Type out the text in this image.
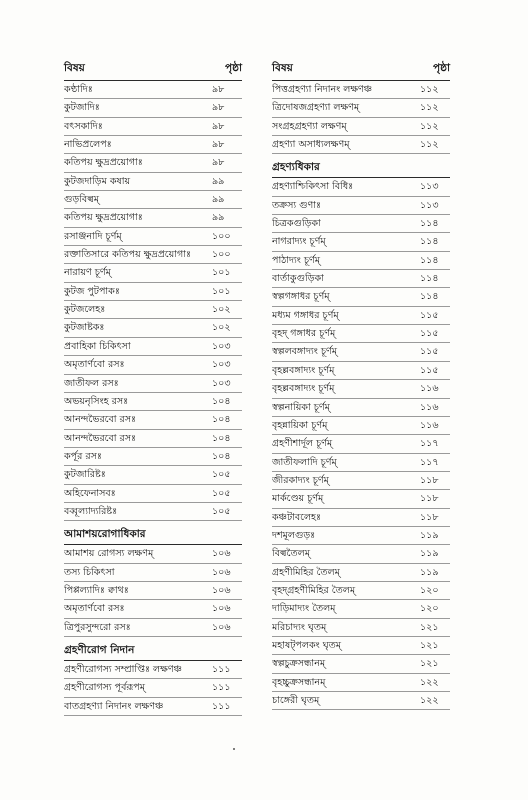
বিষয়	পৃষ্ঠা
কণ্ঠাদিঃ	৯৮
কুটজাদিঃ	৯৮
বৎসকাদিঃ	৯৮
নাভিপ্রলেপঃ	৯৮
কতিপয় ক্ষুদ্রপ্রয়োগাঃ	৯৮
কুটজদাড়িম কষায়	৯৯
গুড়বিল্বম্	৯৯
কতিপয় ক্ষুদ্রপ্রয়োগাঃ	৯৯
রসাঞ্জনাদি চূর্ণম্	১০০
রক্তাতিসারে কতিপয় ক্ষুদ্রপ্রয়োগাঃ	১০০
নারায়ণ চূর্ণম্	১০১
কুটজ পুটপাকঃ	১০১
কুটজলেহঃ	১০২
কুটজাষ্টকঃ	১০২
প্রবাহিকা চিকিৎসা	১০৩
অমৃতার্ণবো রসঃ	১০৩
জাতীফল রসঃ	১০৩
অভয়নৃসিংহ রসঃ	১০৪
আনন্দভৈরবো রসঃ	১০৪
আনন্দভৈরবো রসঃ	১০৪
কর্পূর রসঃ	১০৪
কুটজারিষ্টঃ	১০৫
অহিফেনাসবঃ	১০৫
বব্বূল্যাদ্যরিষ্টঃ	১০৫
আমাশয়রোগাধিকার
আমাশয় রোগস্য লক্ষণম্	১০৬
তস্য চিকিৎসা	১০৬
পিপ্পল্যাদিঃ ক্বাথঃ	১০৬
অমৃতার্ণবো রসঃ	১০৬
ত্রিপুরসুন্দরো রসঃ	১০৬
গ্রহণীরোগ নিদান
গ্রহণীরোগস্য সম্প্রাপ্তিঃ লক্ষণঞ্চ	১১১
গ্রহণীরোগস্য পূর্বরূপম্	১১১
বাতগ্রহণ্যা নিদানং লক্ষণঞ্চ	১১১
বিষয়	পৃষ্ঠা
পিত্তগ্রহণ্যা নিদানং লক্ষণঞ্চ	১১২
ত্রিদোষজগ্রহণ্যা লক্ষণম্	১১২
সংগ্রহগ্রহণ্যা লক্ষণম্	১১২
গ্রহণ্যা অসাধ্যলক্ষণম্	১১২
গ্রহণ্যধিকার
গ্রহণ্যাশ্চিকিৎসা বিধিঃ	১১৩
তক্রস্য গুণাঃ	১১৩
চিত্রকগুড়িকা	১১৪
নাগরাদ্যং চূর্ণম্	১১৪
পাঠাদ্যং চূর্ণম্	১১৪
বার্তাকুগুড়িকা	১১৪
স্বল্পগঙ্গাধর চূর্ণম্	১১৪
মধ্যম গঙ্গাধর চূর্ণম্	১১৫
বৃহদ্ গঙ্গাধর চূর্ণম্	১১৫
স্বল্পলবঙ্গাদ্যং চূর্ণম্	১১৫
বৃহল্লবঙ্গাদ্যং চূর্ণম্	১১৫
বৃহল্লবঙ্গাদ্যং চূর্ণম্	১১৬
স্বল্পনায়িকা চূর্ণম্	১১৬
বৃহন্নায়িকা চূর্ণম্	১১৬
গ্রহণীশার্দূল চূর্ণম্	১১৭
জাতীফলাদি চূর্ণম্	১১৭
জীরকাদ্যং চূর্ণম্	১১৮
মার্কণ্ডেয় চূর্ণম্	১১৮
কঞ্চটাবলেহঃ	১১৮
দশমূলগুড়ঃ	১১৯
বিল্বতৈলম্	১১৯
গ্রহণীমিহির তৈলম্	১১৯
বৃহদ্গ্রহণীমিহির তৈলম্	১২০
দাড়িমাদ্যং তৈলম্	১২০
মরিচাদ্যং ঘৃতম্	১২১
মহাষট্পলকং ঘৃতম্	১২১
স্বল্পচুক্রসন্ধানম্	১২১
বৃহচ্চুক্রসন্ধানম্	১২২
চাঙ্গেরী ঘৃতম্	১২২
